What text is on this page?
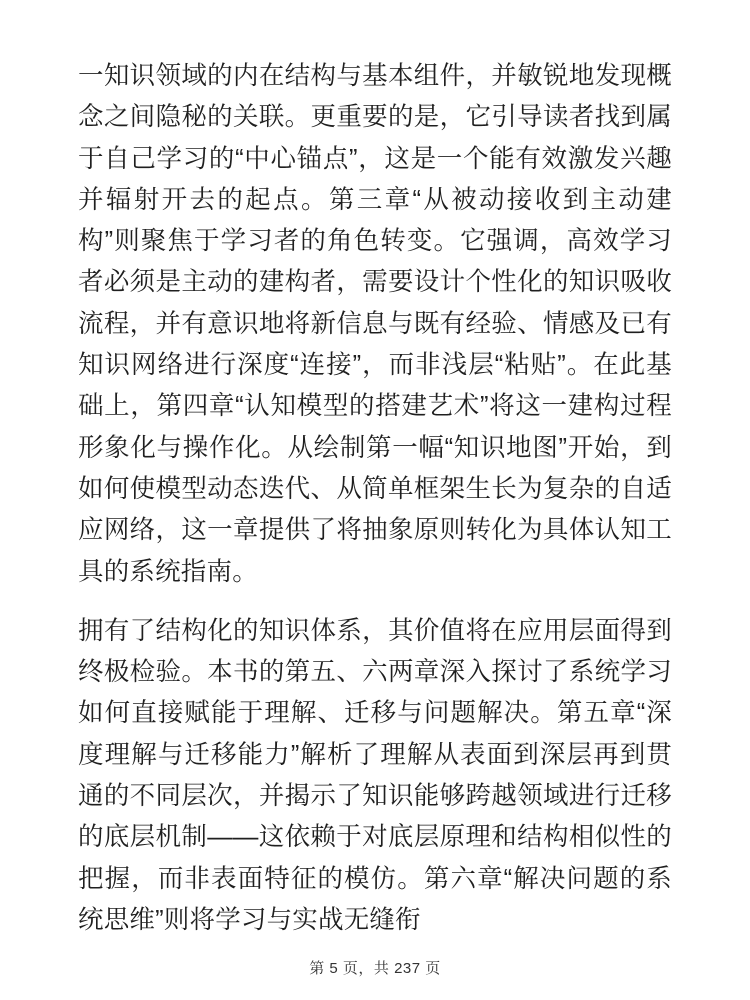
一知识领域的内在结构与基本组件，并敏锐地发现概念之间隐秘的关联。更重要的是，它引导读者找到属于自己学习的“中心锚点”，这是一个能有效激发兴趣并辐射开去的起点。第三章“从被动接收到主动建构”则聚焦于学习者的角色转变。它强调，高效学习者必须是主动的建构者，需要设计个性化的知识吸收流程，并有意识地将新信息与既有经验、情感及已有知识网络进行深度“连接”，而非浅层“粘贴”。在此基础上，第四章“认知模型的搭建艺术”将这一建构过程形象化与操作化。从绘制第一幅“知识地图”开始，到如何使模型动态迭代、从简单框架生长为复杂的自适应网络，这一章提供了将抽象原则转化为具体认知工具的系统指南。

拥有了结构化的知识体系，其价值将在应用层面得到终极检验。本书的第五、六两章深入探讨了系统学习如何直接赋能于理解、迁移与问题解决。第五章“深度理解与迁移能力”解析了理解从表面到深层再到贯通的不同层次，并揭示了知识能够跨越领域进行迁移的底层机制——这依赖于对底层原理和结构相似性的把握，而非表面特征的模仿。第六章“解决问题的系统思维”则将学习与实战无缝衔

第 5 页，共 237 页
